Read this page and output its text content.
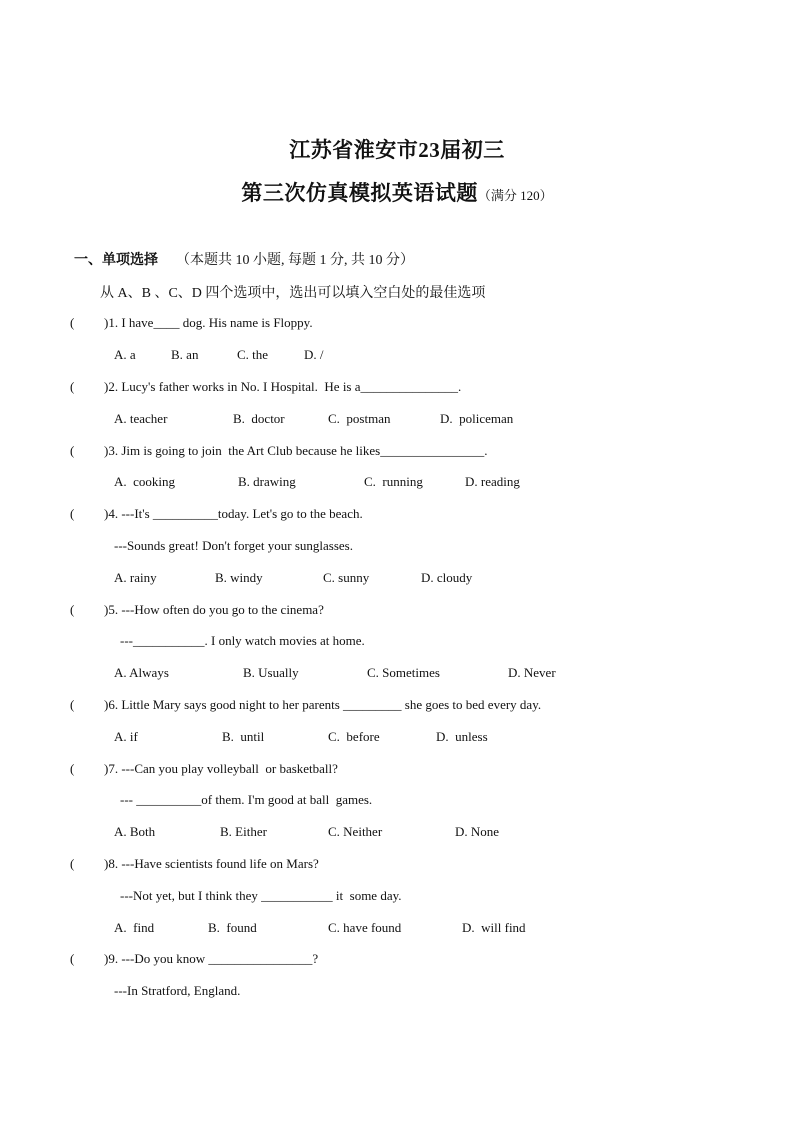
江苏省淮安市23届初三
第三次仿真模拟英语试题（满分 120）
一、单项选择 （本题共 10 小题, 每题 1 分, 共 10 分）
从 A、B 、C、D 四个选项中，选出可以填入空白处的最佳选项
( )1. I have____ dog. His name is Floppy.
A. a	B. an	C. the	D. /
( )2. Lucy's father works in No. I Hospital.  He is a_______________.
A. teacher	B.  doctor	C.  postman	D.  policeman
( )3. Jim is going to join  the Art Club because he likes________________.
A.  cooking	B. drawing	C.  running	D. reading
( )4. ---It's __________today. Let's go to the beach.
---Sounds great! Don't forget your sunglasses.
A. rainy	B. windy	C. sunny	D. cloudy
( )5. ---How often do you go to the cinema?
---___________. I only watch movies at home.
A. Always	B. Usually	C. Sometimes	D. Never
( )6. Little Mary says good night to her parents _________ she goes to bed every day.
A. if	B.  until	C.  before	D.  unless
( )7. ---Can you play volleyball  or basketball?
--- __________of them. I'm good at ball  games.
A. Both	B. Either	C. Neither	D. None
( )8. ---Have scientists found life on Mars?
---Not yet, but I think they ___________ it  some day.
A.  find	B.  found	C. have found	D.  will find
( )9. ---Do you know ________________?
---In Stratford, England.
